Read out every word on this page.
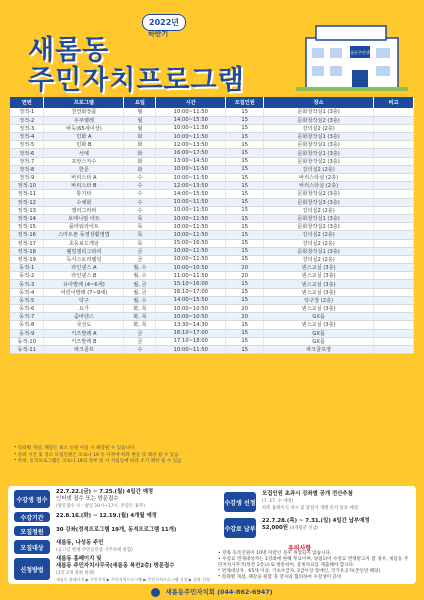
2022년
하반기
새롬동
주민자치프로그램
새롬동주민센터
연번	프로그램	요일	시간	모집인원	장소	비고
정적-1	천연화장품	월	10:00~11:50	15	문화창작실1 (3층)	
정적-2	우쿠렐레	월	14:00~15:50	15	문화창작실2 (3층)	
정적-3	바둑(65세이상)	월	10:00~11:50	15	강의실2 (2층)	
정적-4	민화 A	화	10:00~11:50	15	문화창작실1 (3층)	
정적-5	민화 B	화	12:00~13:50	15	문화창작실1 (3층)	
정적-6	서예	화	16:00~17:50	15	문화창작실1 (3층)	
정적-7	프랑스자수	화	13:00~14:50	15	문화창작실2 (3층)	
정적-8	한문	화	10:00~11:50	15	강의실2 (2층)	
정적-9	바리스타 A	수	10:00~11:50	15	바리스타실 (2층)	
정적-10	바리스타 B	수	12:00~13:50	15	바리스타실 (2층)	
정적-11	통기타	수	14:00~15:50	15	문화창작실2 (3층)	
정적-12	수채화	수	10:00~11:50	15	문화창작실3 (3층)	
정적-13	캘리그라피	수	10:00~11:50	15	강의실2 (2층)	
정적-14	보태니컬 아트	목	10:00~11:50	15	문화창작실1 (3층)	
정적-15	플라워리어트	목	10:00~11:50	15	문화창작실2 (3층)	
정적-16	스마트폰 동영상활영법	목	10:00~11:50	15	강의실2 (2층)	
정적-17	초등보드게임	목	15:00~16:50	15	강의실2 (2층)	
정적-18	웰빙캘리그라피	금	10:00~11:50	15	문화창작실1 (3층)	
정적-19	독서스토리텔링	금	10:00~11:50	15	강의실2 (2층)	
동적-1	라인댄스 A	월, 수	10:00~10:50	20	댄스교실 (3층)	
동적-2	라인댄스 B	월, 수	11:00~11:50	20	댄스교실 (3층)	
동적-3	유아발레 (4~6세)	월, 금	15:10~16:00	15	댄스교실 (3층)	
동적-4	어린이발레 (7~9세)	월, 금	16:10~17:00	15	댄스교실 (3층)	
동적-5	탁구	월, 수	14:00~15:50	15	탁구장 (2층)	
동적-6	요가	화, 목	10:00~10:50	20	댄스교실 (3층)	
동적-7	줌바댄스	화, 목	10:00~10:50	20	GX룸	
동적-8	국선도	화, 목	13:30~14:30	15	댄스교실 (3층)	
동적-9	키즈발레 A	금	16:10~17:00	15	GX룸	
동적-10	키즈발레 B	금	17:10~18:00	15	GX룸	
동적-11	파크골프	수	10:00~11:50	15	파크골프장	
* 강좌별 개설, 폐강은 최소 인원 미달 시 폐강될 수 있습니다.
* 강좌 시간 및 장소 모집인원은 코로나 19 등 사정에 따라 변동 및 폐강 될 수 있음
* 특히, 동적프로그램은 코로나 19의 정부 및 시 지침등에 따라 조기 폐강 될 수 있음
수강생 접수
22.7.22.(금) ~ 7.25.(월) 4일간 예정
인터넷 접수 또는 방문접수
(방문접수 시 : 평일 10시~17시, 주말은 휴무)
수강기간	22.8.16.(화) ~ 12.19.(월) 4개월 예정
모집정원	30 강좌(정적프로그램 19개, 동적프로그램 11개)
모집대상
새롬동, 나성동 주민
(공고일 현재 주민등록상 거주자에 한함)
신청방법
새롬동 홈페이지 및
새롬동 주민자치사무국(새롬동 복컨2층) 방문접수
(1인 2개 강좌 한정)
새롬동 홈페이지 ▶ 주민자치 ▶ 주민자치프로그램 ▶ 주민자치프로그램 신청 ▶ 강좌 신청
수강생 선정
모집인원 초과시 강좌별 공개 전산추첨
(7. 27. 수 예정)
좌측 홈페이지 게시 및 당첨자 개별 문자 통보 예정
수강료 납부
22.7.28.(목) ~ 7.31.(일) 4일간 납부예정
52,000원 (4개월분 선납)
유의사항
• 강좌 등록인원이 10명 미만인 경우 개설되지 않습니다.
• 수강료 면제대상자는 1강좌에 한해 무료이며, 당첨되어 수강료 면제받고자 할 경우, 새롬동 주민자치사무국(복컨 2층)으로 방문하여, 증빙자료를 제출해야 합니다.
* 면제대상자 : 65세 이상, 기초수급자, 3급이상 장애인, 국가유공자(본인만 해당)
* 강좌별 개설, 폐강을 원할 경 강사와 협의하여 수강생이 준비
새롬동주민자치회 (044-862-6947)
